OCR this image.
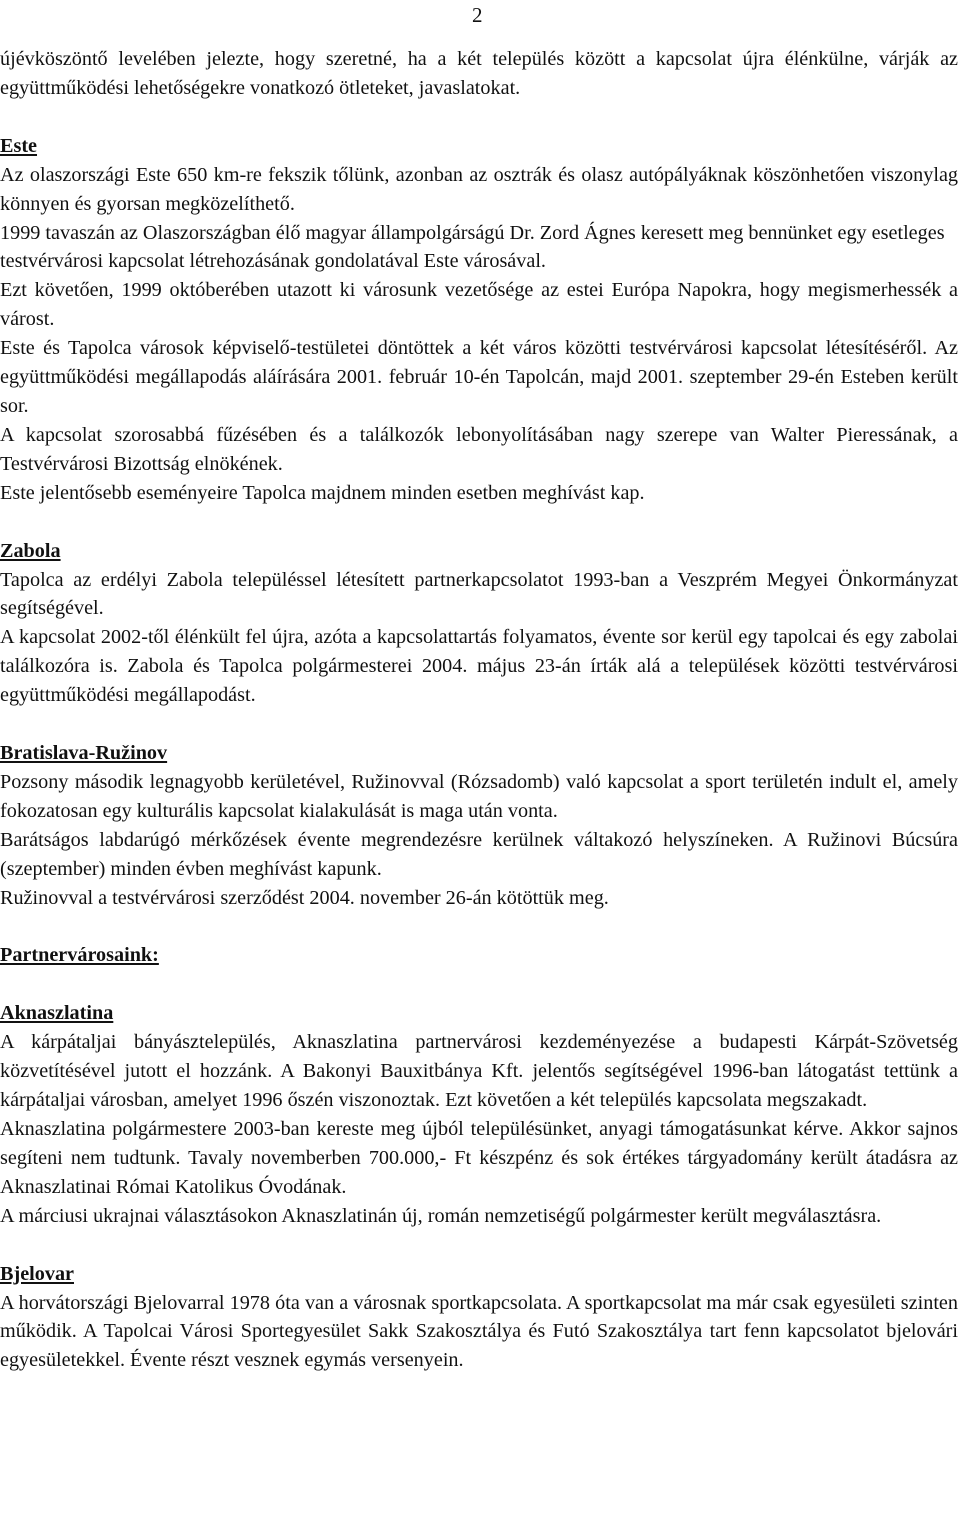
2

újévköszöntő levelében jelezte, hogy szeretné, ha a két település között a kapcsolat újra élénkülne, várják az együttműködési lehetőségekre vonatkozó ötleteket, javaslatokat.

Este

Az olaszországi Este 650 km-re fekszik tőlünk, azonban az osztrák és olasz autópályáknak köszönhetően viszonylag könnyen és gyorsan megközelíthető.

1999 tavaszán az Olaszországban élő magyar állampolgárságú Dr. Zord Ágnes keresett meg bennünket egy esetleges testvérvárosi kapcsolat létrehozásának gondolatával Este városával.

Ezt követően, 1999 októberében utazott ki városunk vezetősége az estei Európa Napokra, hogy megismerhessék a várost.

Este és Tapolca városok képviselő-testületei döntöttek a két város közötti testvérvárosi kapcsolat létesítéséről. Az együttműködési megállapodás aláírására 2001. február 10-én Tapolcán, majd 2001. szeptember 29-én Esteben került sor.

A kapcsolat szorosabbá fűzésében és a találkozók lebonyolításában nagy szerepe van Walter Pieressának, a Testvérvárosi Bizottság elnökének.

Este jelentősebb eseményeire Tapolca majdnem minden esetben meghívást kap.

Zabola

Tapolca az erdélyi Zabola településsel létesített partnerkapcsolatot 1993-ban a Veszprém Megyei Önkormányzat segítségével.

A kapcsolat 2002-től élénkült fel újra, azóta a kapcsolattartás folyamatos, évente sor kerül egy tapolcai és egy zabolai találkozóra is. Zabola és Tapolca polgármesterei 2004. május 23-án írták alá a települések közötti testvérvárosi együttműködési megállapodást.

Bratislava-Ružinov

Pozsony második legnagyobb kerületével, Ružinovval (Rózsadomb) való kapcsolat a sport területén indult el, amely fokozatosan egy kulturális kapcsolat kialakulását is maga után vonta.

Barátságos labdarúgó mérkőzések évente megrendezésre kerülnek váltakozó helyszíneken. A Ružinovi Búcsúra (szeptember) minden évben meghívást kapunk.

Ružinovval a testvérvárosi szerződést 2004. november 26-án kötöttük meg.

Partnervárosaink:

Aknaszlatina

A kárpátaljai bányásztelepülés, Aknaszlatina partnervárosi kezdeményezése a budapesti Kárpát-Szövetség közvetítésével jutott el hozzánk. A Bakonyi Bauxitbánya Kft. jelentős segítségével 1996-ban látogatást tettünk a kárpátaljai városban, amelyet 1996 őszén viszonoztak. Ezt követően a két település kapcsolata megszakadt.

Aknaszlatina polgármestere 2003-ban kereste meg újból településünket, anyagi támogatásunkat kérve. Akkor sajnos segíteni nem tudtunk. Tavaly novemberben 700.000,- Ft készpénz és sok értékes tárgyadomány került átadásra az Aknaszlatinai Római Katolikus Óvodának.

A márciusi ukrajnai választásokon Aknaszlatinán új, román nemzetiségű polgármester került megválasztásra.

Bjelovar

A horvátországi Bjelovarral 1978 óta van a városnak sportkapcsolata. A sportkapcsolat ma már csak egyesületi szinten működik. A Tapolcai Városi Sportegyesület Sakk Szakosztálya és Futó Szakosztálya tart fenn kapcsolatot bjelovári egyesületekkel. Évente részt vesznek egymás versenyein.
